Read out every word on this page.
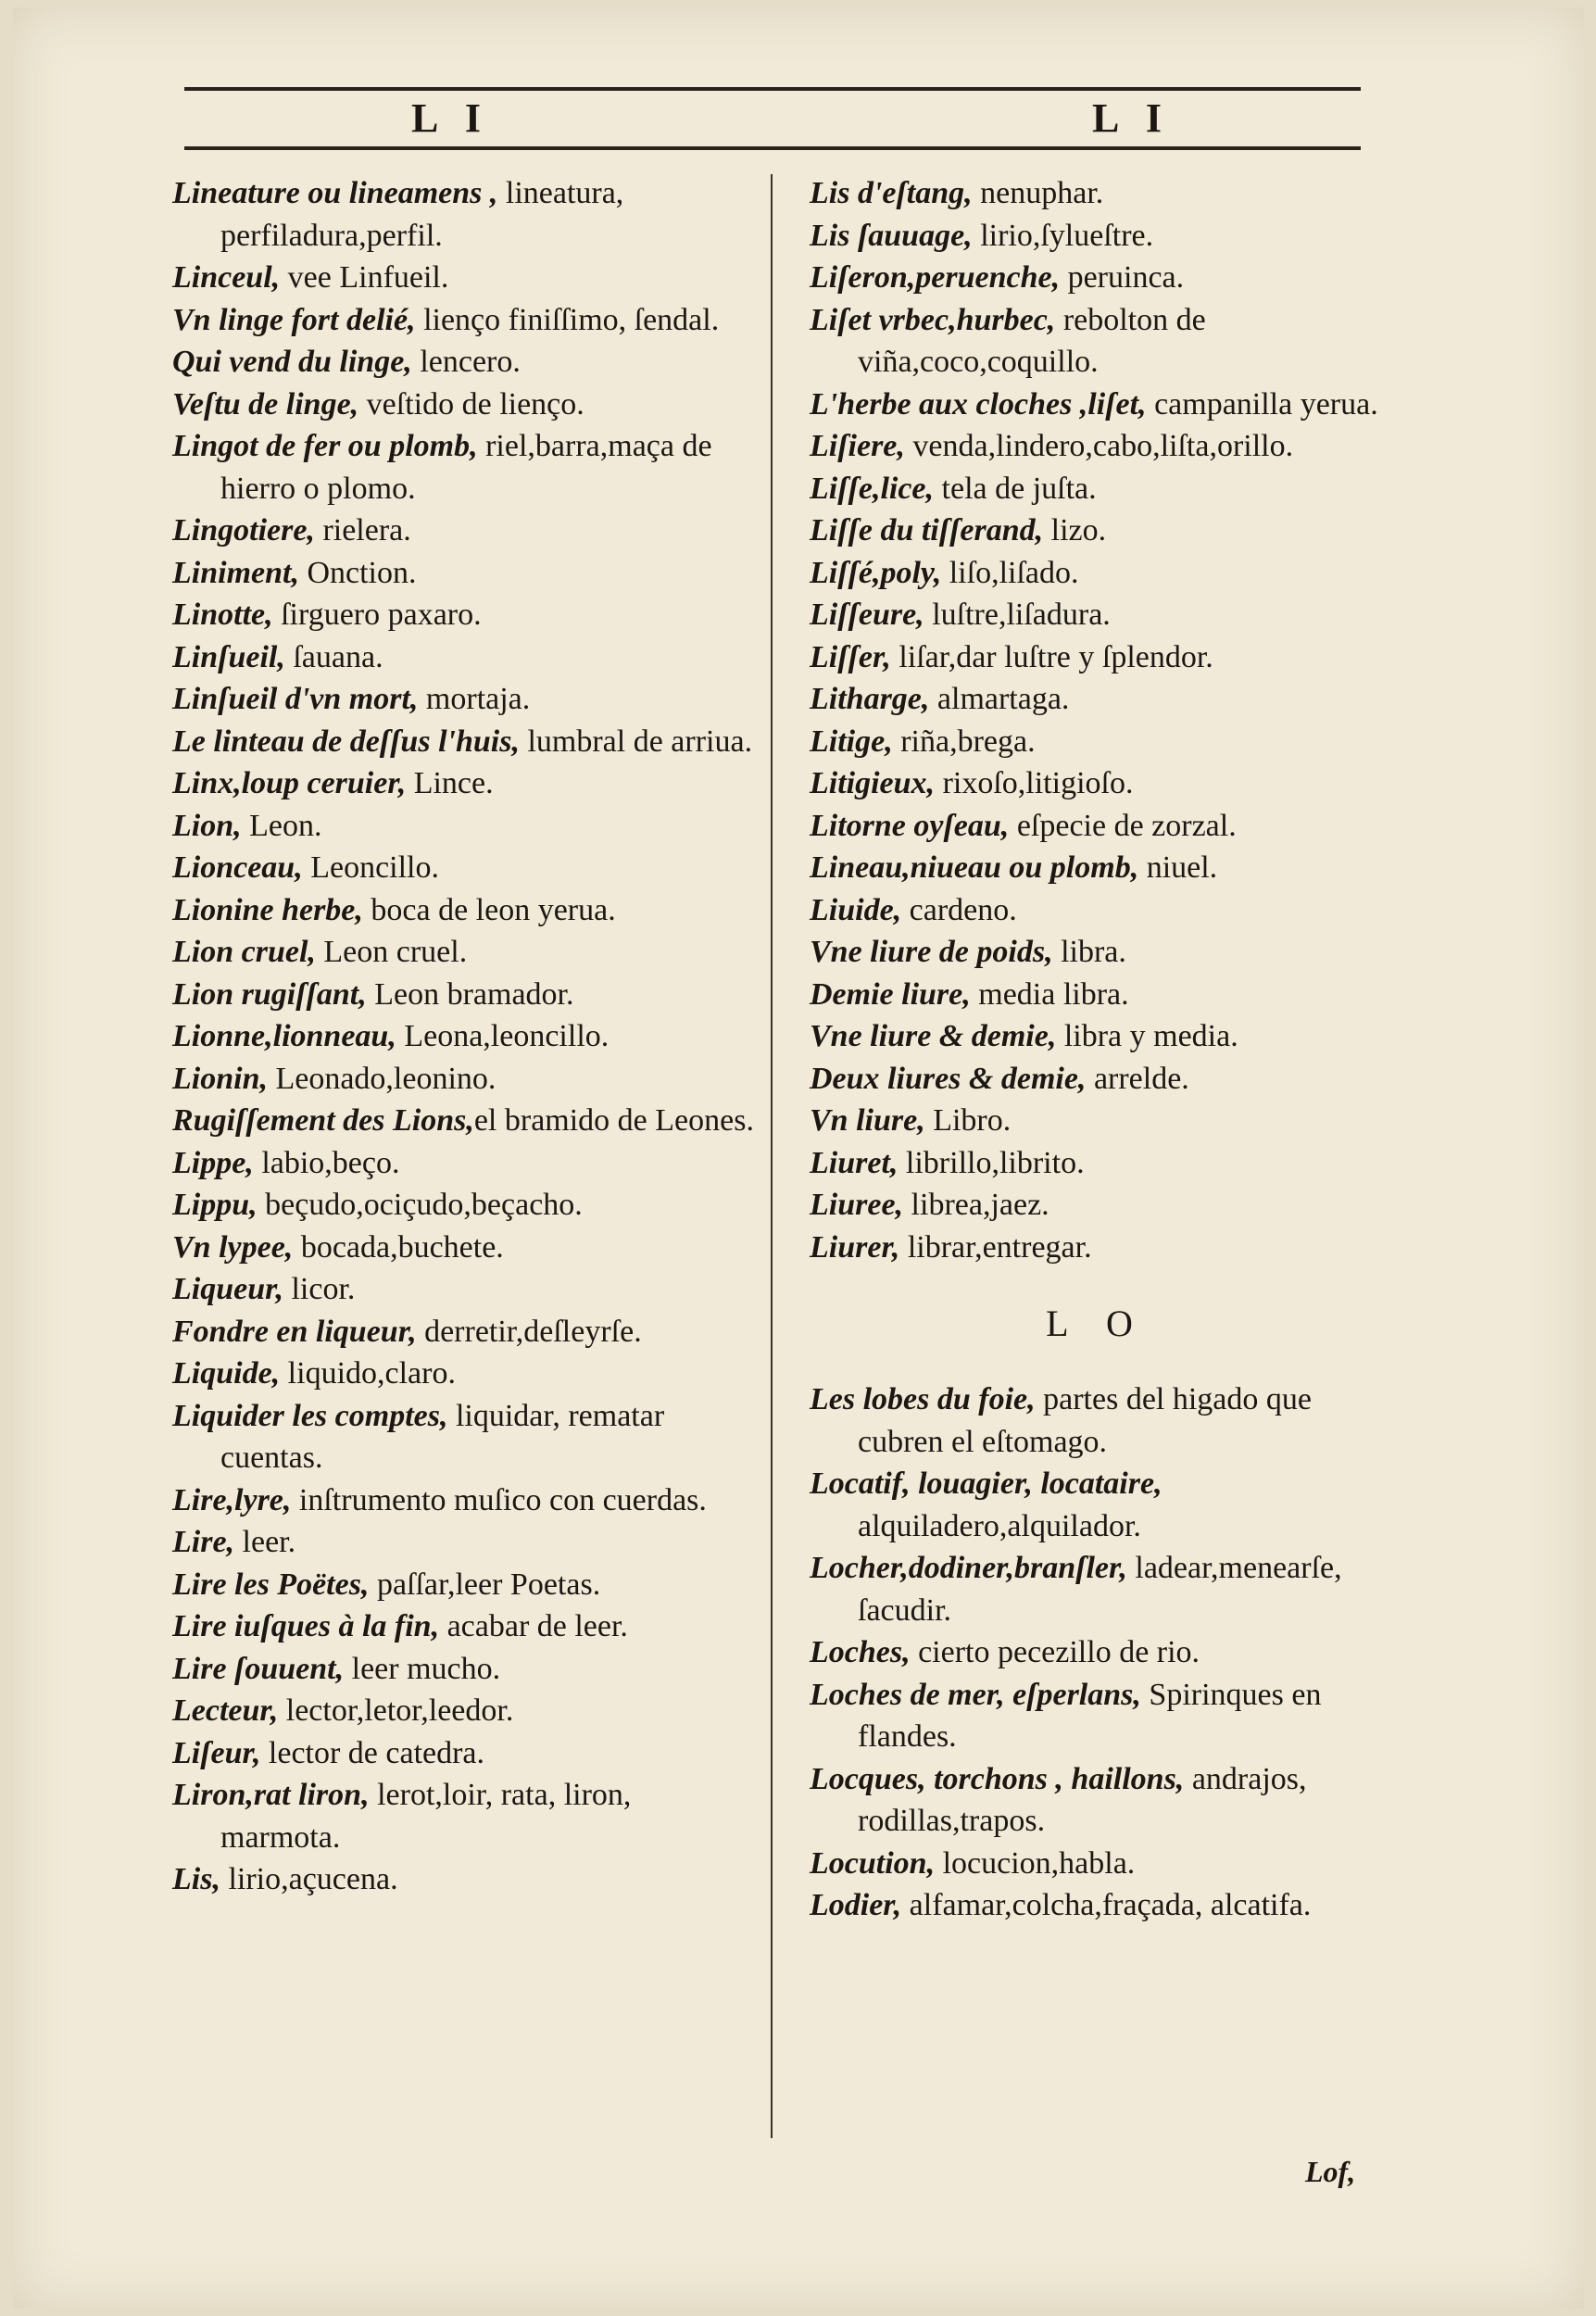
L I	L I
Lineature ou lineamens , lineatura, perfiladura,perfil.
Linceul, vee Linfueil.
Vn linge fort delié, lienço finiſſimo, ſendal.
Qui vend du linge, lencero.
Veſtu de linge, veſtido de lienço.
Lingot de fer ou plomb, riel,barra,maça de hierro o plomo.
Lingotiere, rielera.
Liniment, Onction.
Linotte, ſirguero paxaro.
Linſueil, ſauana.
Linſueil d'vn mort, mortaja.
Le linteau de deſſus l'huis, lumbral de arriua.
Linx,loup ceruier, Lince.
Lion, Leon.
Lionceau, Leoncillo.
Lionine herbe, boca de leon yerua.
Lion cruel, Leon cruel.
Lion rugiſſant, Leon bramador.
Lionne,lionneau, Leona,leoncillo.
Lionin, Leonado,leonino.
Rugiſſement des Lions,el bramido de Leones.
Lippe, labio,beço.
Lippu, beçudo,ociçudo,beçacho.
Vn lypee, bocada,buchete.
Liqueur, licor.
Fondre en liqueur, derretir,deſleyrſe.
Liquide, liquido,claro.
Liquider les comptes, liquidar, rematar cuentas.
Lire,lyre, inſtrumento muſico con cuerdas.
Lire, leer.
Lire les Poëtes, paſſar,leer Poetas.
Lire iuſques à la fin, acabar de leer.
Lire ſouuent, leer mucho.
Lecteur, lector,letor,leedor.
Liſeur, lector de catedra.
Liron,rat liron, lerot,loir, rata, liron, marmota.
Lis, lirio,açucena.
Lis d'eſtang, nenuphar.
Lis ſauuage, lirio,ſylueſtre.
Liſeron,peruenche, peruinca.
Liſet vrbec,hurbec, rebolton de viña,coco,coquillo.
L'herbe aux cloches ,liſet, campanilla yerua.
Liſiere, venda,lindero,cabo,liſta,orillo.
Liſſe,lice, tela de juſta.
Liſſe du tiſſerand, lizo.
Liſſé,poly, liſo,liſado.
Liſſeure, luſtre,liſadura.
Liſſer, liſar,dar luſtre y ſplendor.
Litharge, almartaga.
Litige, riña,brega.
Litigieux, rixoſo,litigioſo.
Litorne oyſeau, eſpecie de zorzal.
Lineau,niueau ou plomb, niuel.
Liuide, cardeno.
Vne liure de poids, libra.
Demie liure, media libra.
Vne liure & demie, libra y media.
Deux liures & demie, arrelde.
Vn liure, Libro.
Liuret, librillo,librito.
Liuree, librea,jaez.
Liurer, librar,entregar.
L O
Les lobes du foie, partes del higado que cubren el eſtomago.
Locatif, louagier, locataire, alquiladero,alquilador.
Locher,dodiner,branſler, ladear,menearſe, ſacudir.
Loches, cierto pecezillo de rio.
Loches de mer, eſperlans, Spirinques en flandes.
Locques, torchons , haillons, andrajos, rodillas,trapos.
Locution, locucion,habla.
Lodier, alfamar,colcha,fraçada, alcatifa.
Lof,
